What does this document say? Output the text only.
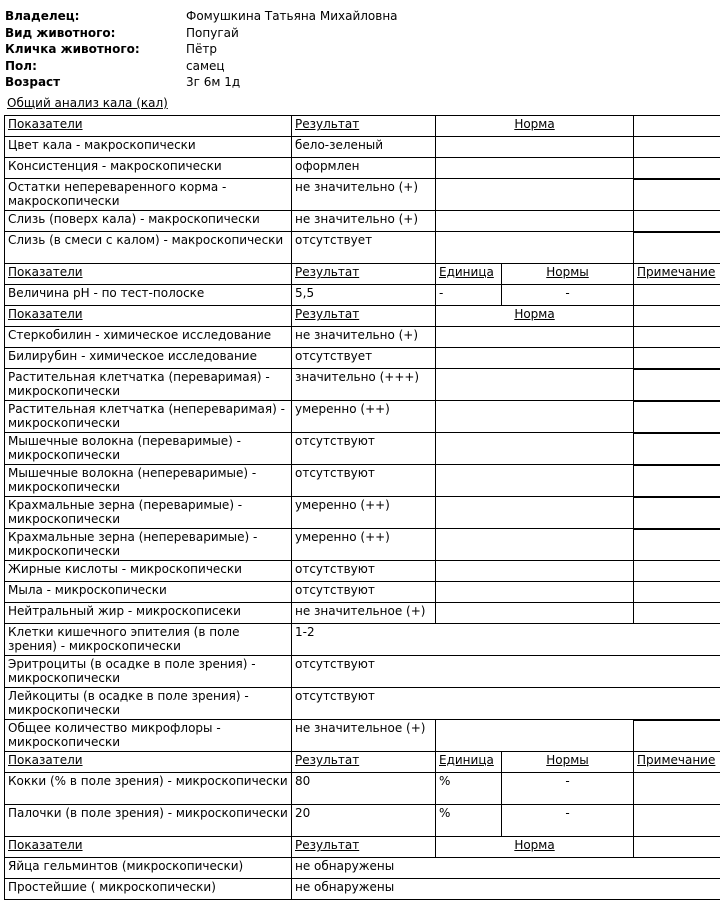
Владелец:	Фомушкина Татьяна Михайловна
Вид животного:	Попугай
Кличка животного:	Пётр
Пол:	самец
Возраст	3г 6м 1д
Общий анализ кала (кал)
Показатели	Результат	Норма		
Цвет кала - макроскопически	бело-зеленый			
Консистенция - макроскопически	оформлен			
Остатки непереваренного корма - макроскопически	не значительно (+)			

Слизь (поверх кала) - макроскопически	не значительно (+)			
Слизь (в смеси с калом) - макроскопически	отсутствует			

Показатели	Результат	Единица	Нормы	Примечание
Величина pH - по тест-полоске	5,5	-	-	
Показатели	Результат	Норма		
Стеркобилин - химическое исследование	не значительно (+)			
Билирубин - химическое исследование	отсутствует			
Растительная клетчатка (переваримая) - микроскопически	значительно (+++)			

Растительная клетчатка (непереваримая) - микроскопически	умеренно (++)			

Мышечные волокна (переваримые) - микроскопически	отсутствуют			

Мышечные волокна (непереваримые) - микроскопически	отсутствуют			

Крахмальные зерна (переваримые) - микроскопически	умеренно (++)			

Крахмальные зерна (непереваримые) - микроскопически	умеренно (++)			

Жирные кислоты - микроскопически	отсутствуют			
Мыла - микроскопически	отсутствуют			
Нейтральный жир - микроскописеки	не значительное (+)			
Клетки кишечного эпителия (в поле зрения) - микроскопически	1-2			
Эритроциты (в осадке в поле зрения) - микроскопически	отсутствуют			
Лейкоциты (в осадке в поле зрения) - микроскопически	отсутствуют			
Общее количество микрофлоры - микроскопически	не значительное (+)			

Показатели	Результат	Единица	Нормы	Примечание
Кокки (% в поле зрения) - микроскопически	80	%	-	
Палочки (в поле зрения) - микроскопически	20	%	-	
Показатели	Результат	Норма		
Яйца гельминтов (микроскопически)	не обнаружены			
Простейшие ( микроскопически)	не обнаружены			
